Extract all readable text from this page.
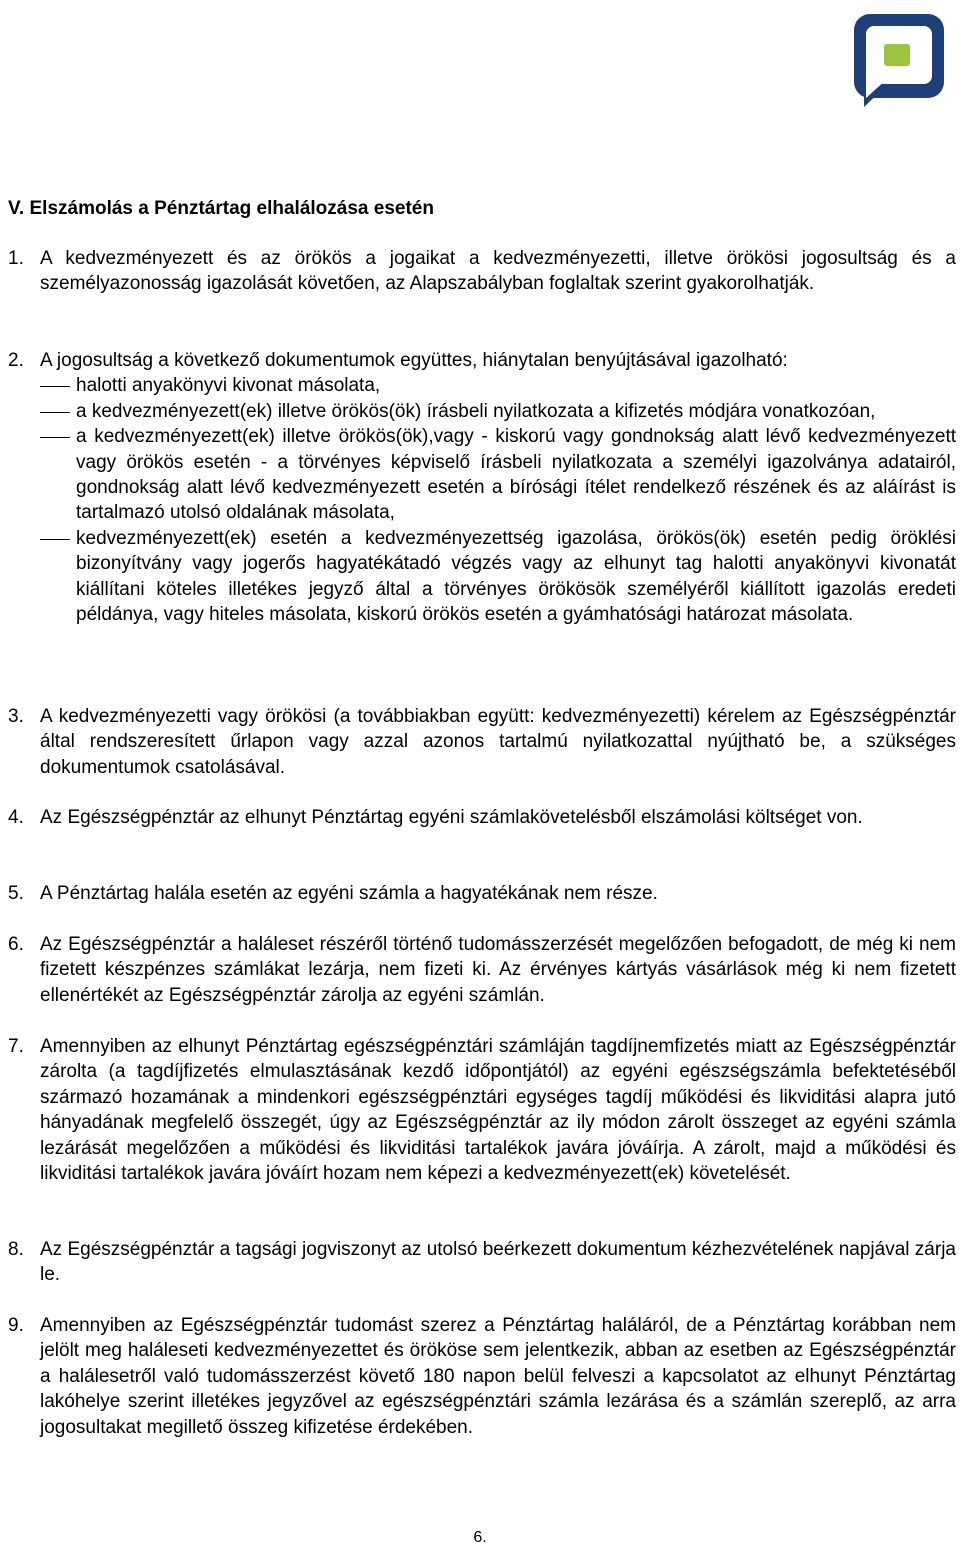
V. Elszámolás a Pénztártag elhalálozása esetén
1. A kedvezményezett és az örökös a jogaikat a kedvezményezetti, illetve örökösi jogosultság és a személyazonosság igazolását követően, az Alapszabályban foglaltak szerint gyakorolhatják.

2. A jogosultság a következő dokumentumok együttes, hiánytalan benyújtásával igazolható:

halotti anyakönyvi kivonat másolata,
a kedvezményezett(ek) illetve örökös(ök) írásbeli nyilatkozata a kifizetés módjára vonatkozóan,
a kedvezményezett(ek) illetve örökös(ök),vagy - kiskorú vagy gondnokság alatt lévő kedvezményezett vagy örökös esetén - a törvényes képviselő írásbeli nyilatkozata a személyi igazolványa adatairól, gondnokság alatt lévő kedvezményezett esetén a bírósági ítélet rendelkező részének és az aláírást is tartalmazó utolsó oldalának másolata,
kedvezményezett(ek) esetén a kedvezményezettség igazolása, örökös(ök) esetén pedig öröklési bizonyítvány vagy jogerős hagyatékátadó végzés vagy az elhunyt tag halotti anyakönyvi kivonatát kiállítani köteles illetékes jegyző által a törvényes örökösök személyéről kiállított igazolás eredeti példánya, vagy hiteles másolata, kiskorú örökös esetén a gyámhatósági határozat másolata.
3. A kedvezményezetti vagy örökösi (a továbbiakban együtt: kedvezményezetti) kérelem az Egészségpénztár által rendszeresített űrlapon vagy azzal azonos tartalmú nyilatkozattal nyújtható be, a szükséges dokumentumok csatolásával.

4. Az Egészségpénztár az elhunyt Pénztártag egyéni számlakövetelésből elszámolási költséget von.

5. A Pénztártag halála esetén az egyéni számla a hagyatékának nem része.

6. Az Egészségpénztár a haláleset részéről történő tudomásszerzését megelőzően befogadott, de még ki nem fizetett készpénzes számlákat lezárja, nem fizeti ki. Az érvényes kártyás vásárlások még ki nem fizetett ellenértékét az Egészségpénztár zárolja az egyéni számlán.

7. Amennyiben az elhunyt Pénztártag egészségpénztári számláján tagdíjnemfizetés miatt az Egészségpénztár zárolta (a tagdíjfizetés elmulasztásának kezdő időpontjától) az egyéni egészségszámla befektetéséből származó hozamának a mindenkori egészségpénztári egységes tagdíj működési és likviditási alapra jutó hányadának megfelelő összegét, úgy az Egészségpénztár az ily módon zárolt összeget az egyéni számla lezárását megelőzően a működési és likviditási tartalékok javára jóváírja. A zárolt, majd a működési és likviditási tartalékok javára jóváírt hozam nem képezi a kedvezményezett(ek) követelését.

8. Az Egészségpénztár a tagsági jogviszonyt az utolsó beérkezett dokumentum kézhezvételének napjával zárja le.

9. Amennyiben az Egészségpénztár tudomást szerez a Pénztártag haláláról, de a Pénztártag korábban nem jelölt meg haláleseti kedvezményezettet és örököse sem jelentkezik, abban az esetben az Egészségpénztár a halálesetről való tudomásszerzést követő 180 napon belül felveszi a kapcsolatot az elhunyt Pénztártag lakóhelye szerint illetékes jegyzővel az egészségpénztári számla lezárása és a számlán szereplő, az arra jogosultakat megillető összeg kifizetése érdekében.

6.
